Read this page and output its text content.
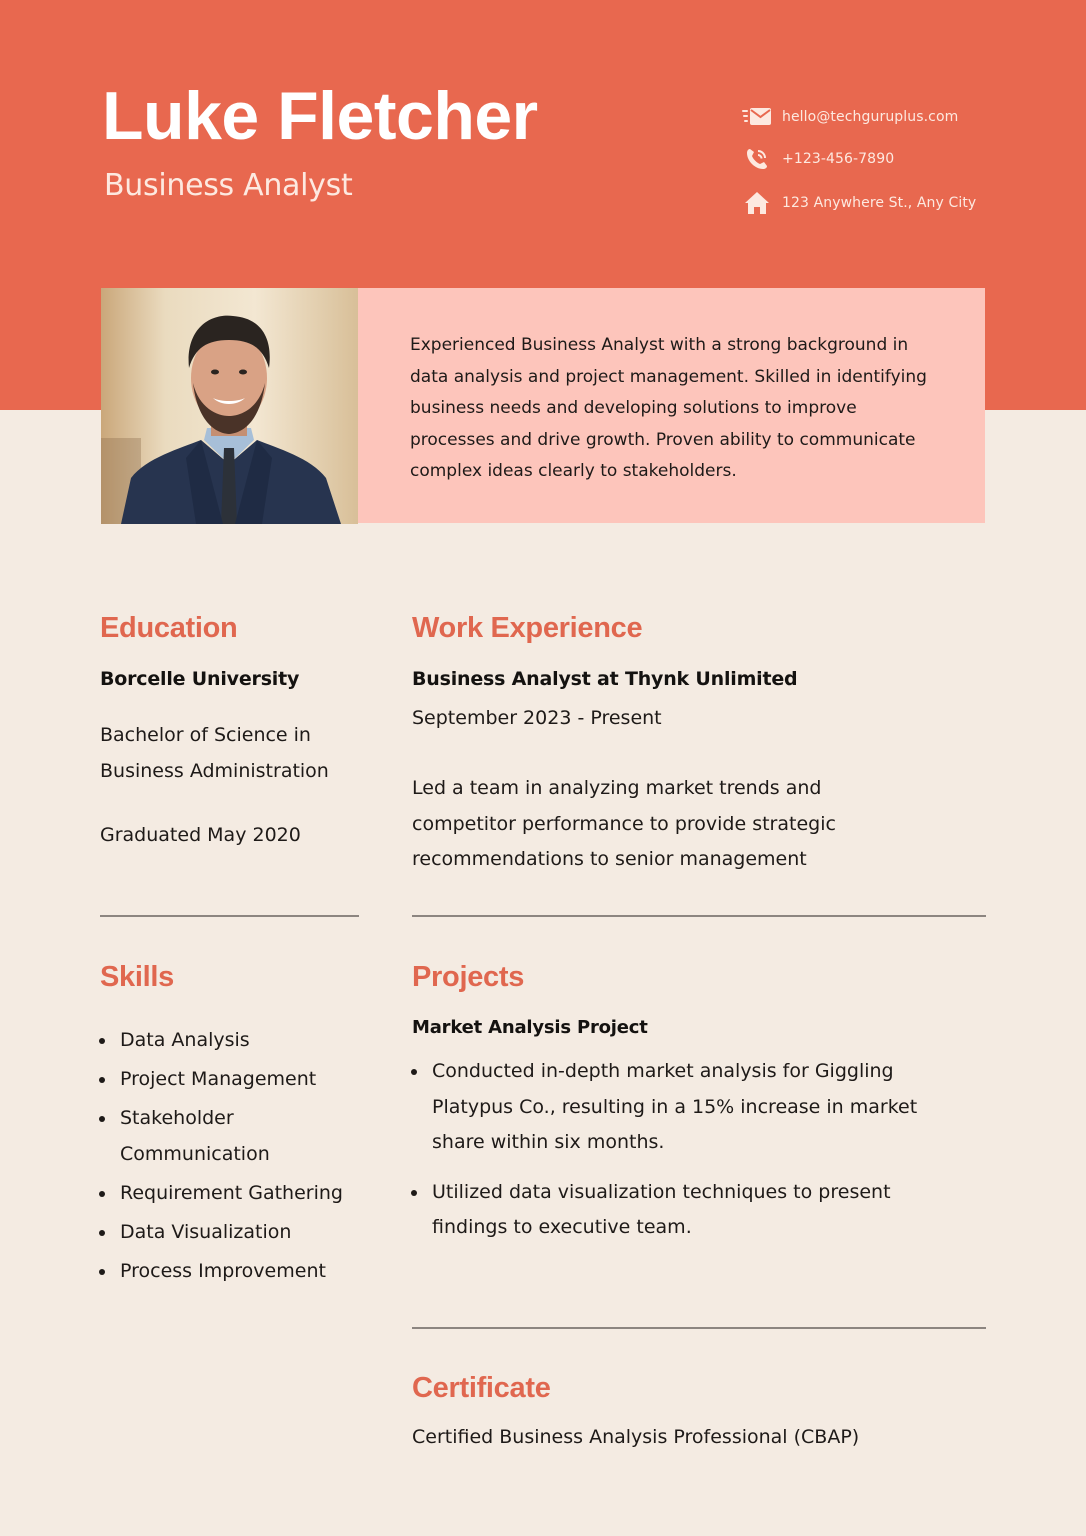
Luke Fletcher
Business Analyst
hello@techguruplus.com
+123-456-7890
123 Anywhere St., Any City

Experienced Business Analyst with a strong background in data analysis and project management. Skilled in identifying business needs and developing solutions to improve processes and drive growth. Proven ability to communicate complex ideas clearly to stakeholders.

Education
Borcelle University
Bachelor of Science in
Business Administration
Graduated May 2020
Work Experience
Business Analyst at Thynk Unlimited
September 2023 - Present
Led a team in analyzing market trends and competitor performance to provide strategic recommendations to senior management
Skills
Data Analysis
Project Management
Stakeholder Communication
Requirement Gathering
Data Visualization
Process Improvement
Projects
Market Analysis Project
Conducted in-depth market analysis for Giggling Platypus Co., resulting in a 15% increase in market share within six months.
Utilized data visualization techniques to present findings to executive team.
Certificate
Certified Business Analysis Professional (CBAP)
